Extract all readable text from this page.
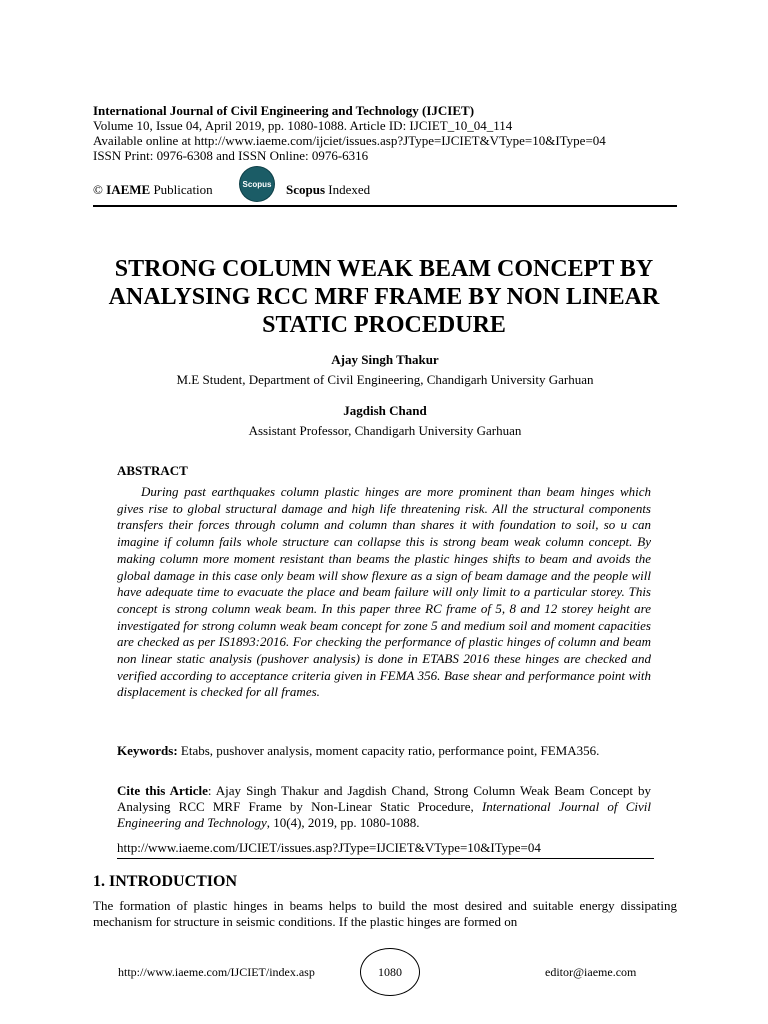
International Journal of Civil Engineering and Technology (IJCIET)
Volume 10, Issue 04, April 2019, pp. 1080-1088. Article ID: IJCIET_10_04_114
Available online at http://www.iaeme.com/ijciet/issues.asp?JType=IJCIET&VType=10&IType=04
ISSN Print: 0976-6308 and ISSN Online: 0976-6316
© IAEME Publication	Scopus Scopus Indexed
STRONG COLUMN WEAK BEAM CONCEPT BY ANALYSING RCC MRF FRAME BY NON LINEAR STATIC PROCEDURE
Ajay Singh Thakur
M.E Student, Department of Civil Engineering, Chandigarh University Garhuan
Jagdish Chand
Assistant Professor, Chandigarh University Garhuan
ABSTRACT
During past earthquakes column plastic hinges are more prominent than beam hinges which gives rise to global structural damage and high life threatening risk. All the structural components transfers their forces through column and column than shares it with foundation to soil, so u can imagine if column fails whole structure can collapse this is strong beam weak column concept. By making column more moment resistant than beams the plastic hinges shifts to beam and avoids the global damage in this case only beam will show flexure as a sign of beam damage and the people will have adequate time to evacuate the place and beam failure will only limit to a particular storey. This concept is strong column weak beam. In this paper three RC frame of 5, 8 and 12 storey height are investigated for strong column weak beam concept for zone 5 and medium soil and moment capacities are checked as per IS1893:2016. For checking the performance of plastic hinges of column and beam non linear static analysis (pushover analysis) is done in ETABS 2016 these hinges are checked and verified according to acceptance criteria given in FEMA 356. Base shear and performance point with displacement is checked for all frames.
Keywords: Etabs, pushover analysis, moment capacity ratio, performance point, FEMA356.
Cite this Article: Ajay Singh Thakur and Jagdish Chand, Strong Column Weak Beam Concept by Analysing RCC MRF Frame by Non-Linear Static Procedure, International Journal of Civil Engineering and Technology, 10(4), 2019, pp. 1080-1088.
http://www.iaeme.com/IJCIET/issues.asp?JType=IJCIET&VType=10&IType=04
1. INTRODUCTION
The formation of plastic hinges in beams helps to build the most desired and suitable energy dissipating mechanism for structure in seismic conditions. If the plastic hinges are formed on
http://www.iaeme.com/IJCIET/index.asp	1080	editor@iaeme.com
